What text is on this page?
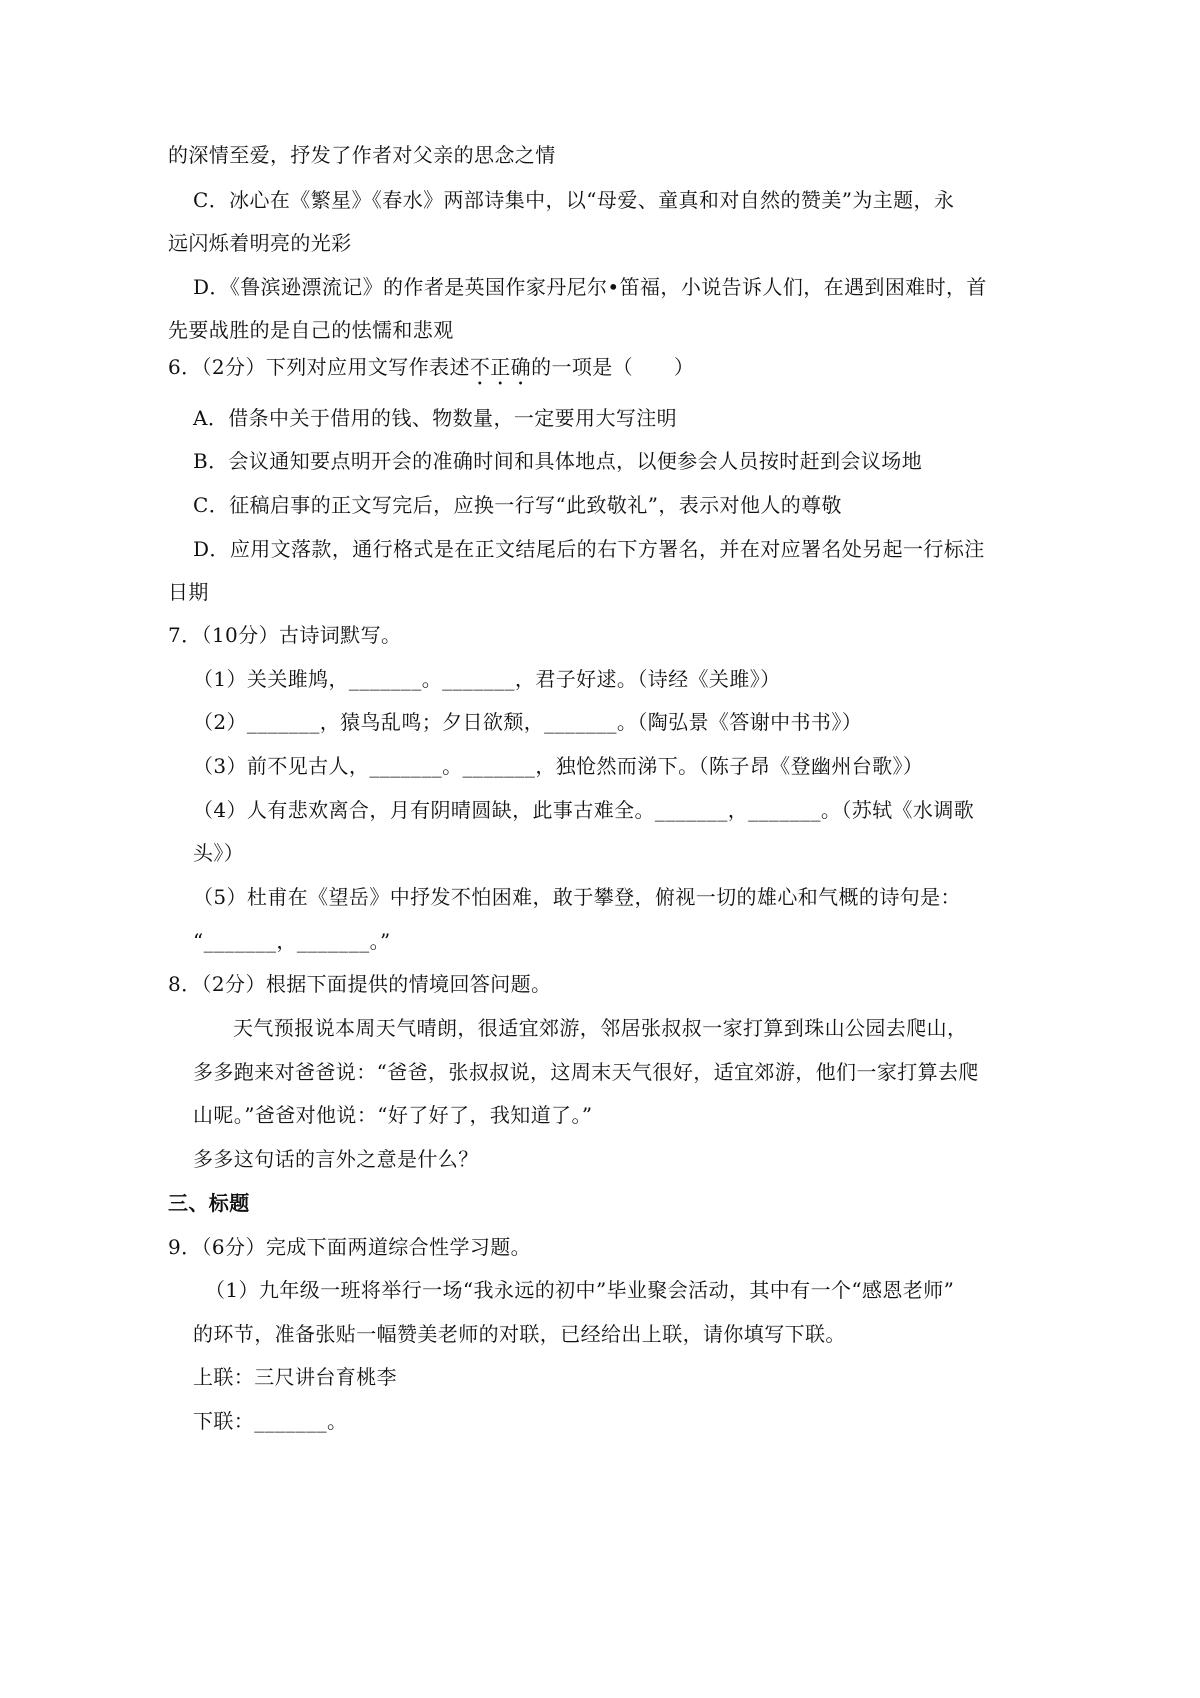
的深情至爱，抒发了作者对父亲的思念之情
C．冰心在《繁星》《春水》两部诗集中，以“母爱、童真和对自然的赞美”为主题，永
远闪烁着明亮的光彩
D．《鲁滨逊漂流记》的作者是英国作家丹尼尔•笛福，小说告诉人们，在遇到困难时，首
先要战胜的是自己的怯懦和悲观
6．（2分）下列对应用文写作表述不正确的一项是（　　）
A．借条中关于借用的钱、物数量，一定要用大写注明
B．会议通知要点明开会的准确时间和具体地点，以便参会人员按时赶到会议场地
C．征稿启事的正文写完后，应换一行写“此致敬礼”，表示对他人的尊敬
D．应用文落款，通行格式是在正文结尾后的右下方署名，并在对应署名处另起一行标注
日期
7．（10分）古诗词默写。
（1）关关雎鸠，_______。_______，君子好逑。（诗经《关雎》）
（2）_______，猿鸟乱鸣；夕日欲颓，_______。（陶弘景《答谢中书书》）
（3）前不见古人，_______。_______，独怆然而涕下。（陈子昂《登幽州台歌》）
（4）人有悲欢离合，月有阴晴圆缺，此事古难全。_______，_______。（苏轼《水调歌
头》）
（5）杜甫在《望岳》中抒发不怕困难，敢于攀登，俯视一切的雄心和气概的诗句是：
“_______，_______。”
8．（2分）根据下面提供的情境回答问题。
天气预报说本周天气晴朗，很适宜郊游，邻居张叔叔一家打算到珠山公园去爬山，
多多跑来对爸爸说：“爸爸，张叔叔说，这周末天气很好，适宜郊游，他们一家打算去爬
山呢。”爸爸对他说：“好了好了，我知道了。”
多多这句话的言外之意是什么？
三、标题
9．（6分）完成下面两道综合性学习题。
（1）九年级一班将举行一场“我永远的初中”毕业聚会活动，其中有一个“感恩老师”
的环节，准备张贴一幅赞美老师的对联，已经给出上联，请你填写下联。
上联：三尺讲台育桃李
下联：_______。
